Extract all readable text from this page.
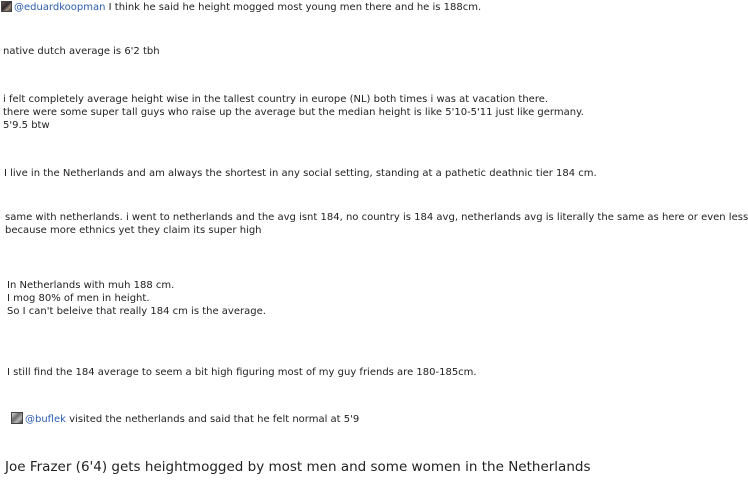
@eduardkoopman I think he said he height mogged most young men there and he is 188cm.
native dutch average is 6'2 tbh
i felt completely average height wise in the tallest country in europe (NL) both times i was at vacation there.
there were some super tall guys who raise up the average but the median height is like 5'10-5'11 just like germany.
5'9.5 btw
I live in the Netherlands and am always the shortest in any social setting, standing at a pathetic deathnic tier 184 cm.
same with netherlands. i went to netherlands and the avg isnt 184, no country is 184 avg, netherlands avg is literally the same as here or even less
because more ethnics yet they claim its super high
In Netherlands with muh 188 cm.
I mog 80% of men in height.
So I can't beleive that really 184 cm is the average.
I still find the 184 average to seem a bit high figuring most of my guy friends are 180-185cm.
@buflek visited the netherlands and said that he felt normal at 5'9
Joe Frazer (6'4) gets heightmogged by most men and some women in the Netherlands
